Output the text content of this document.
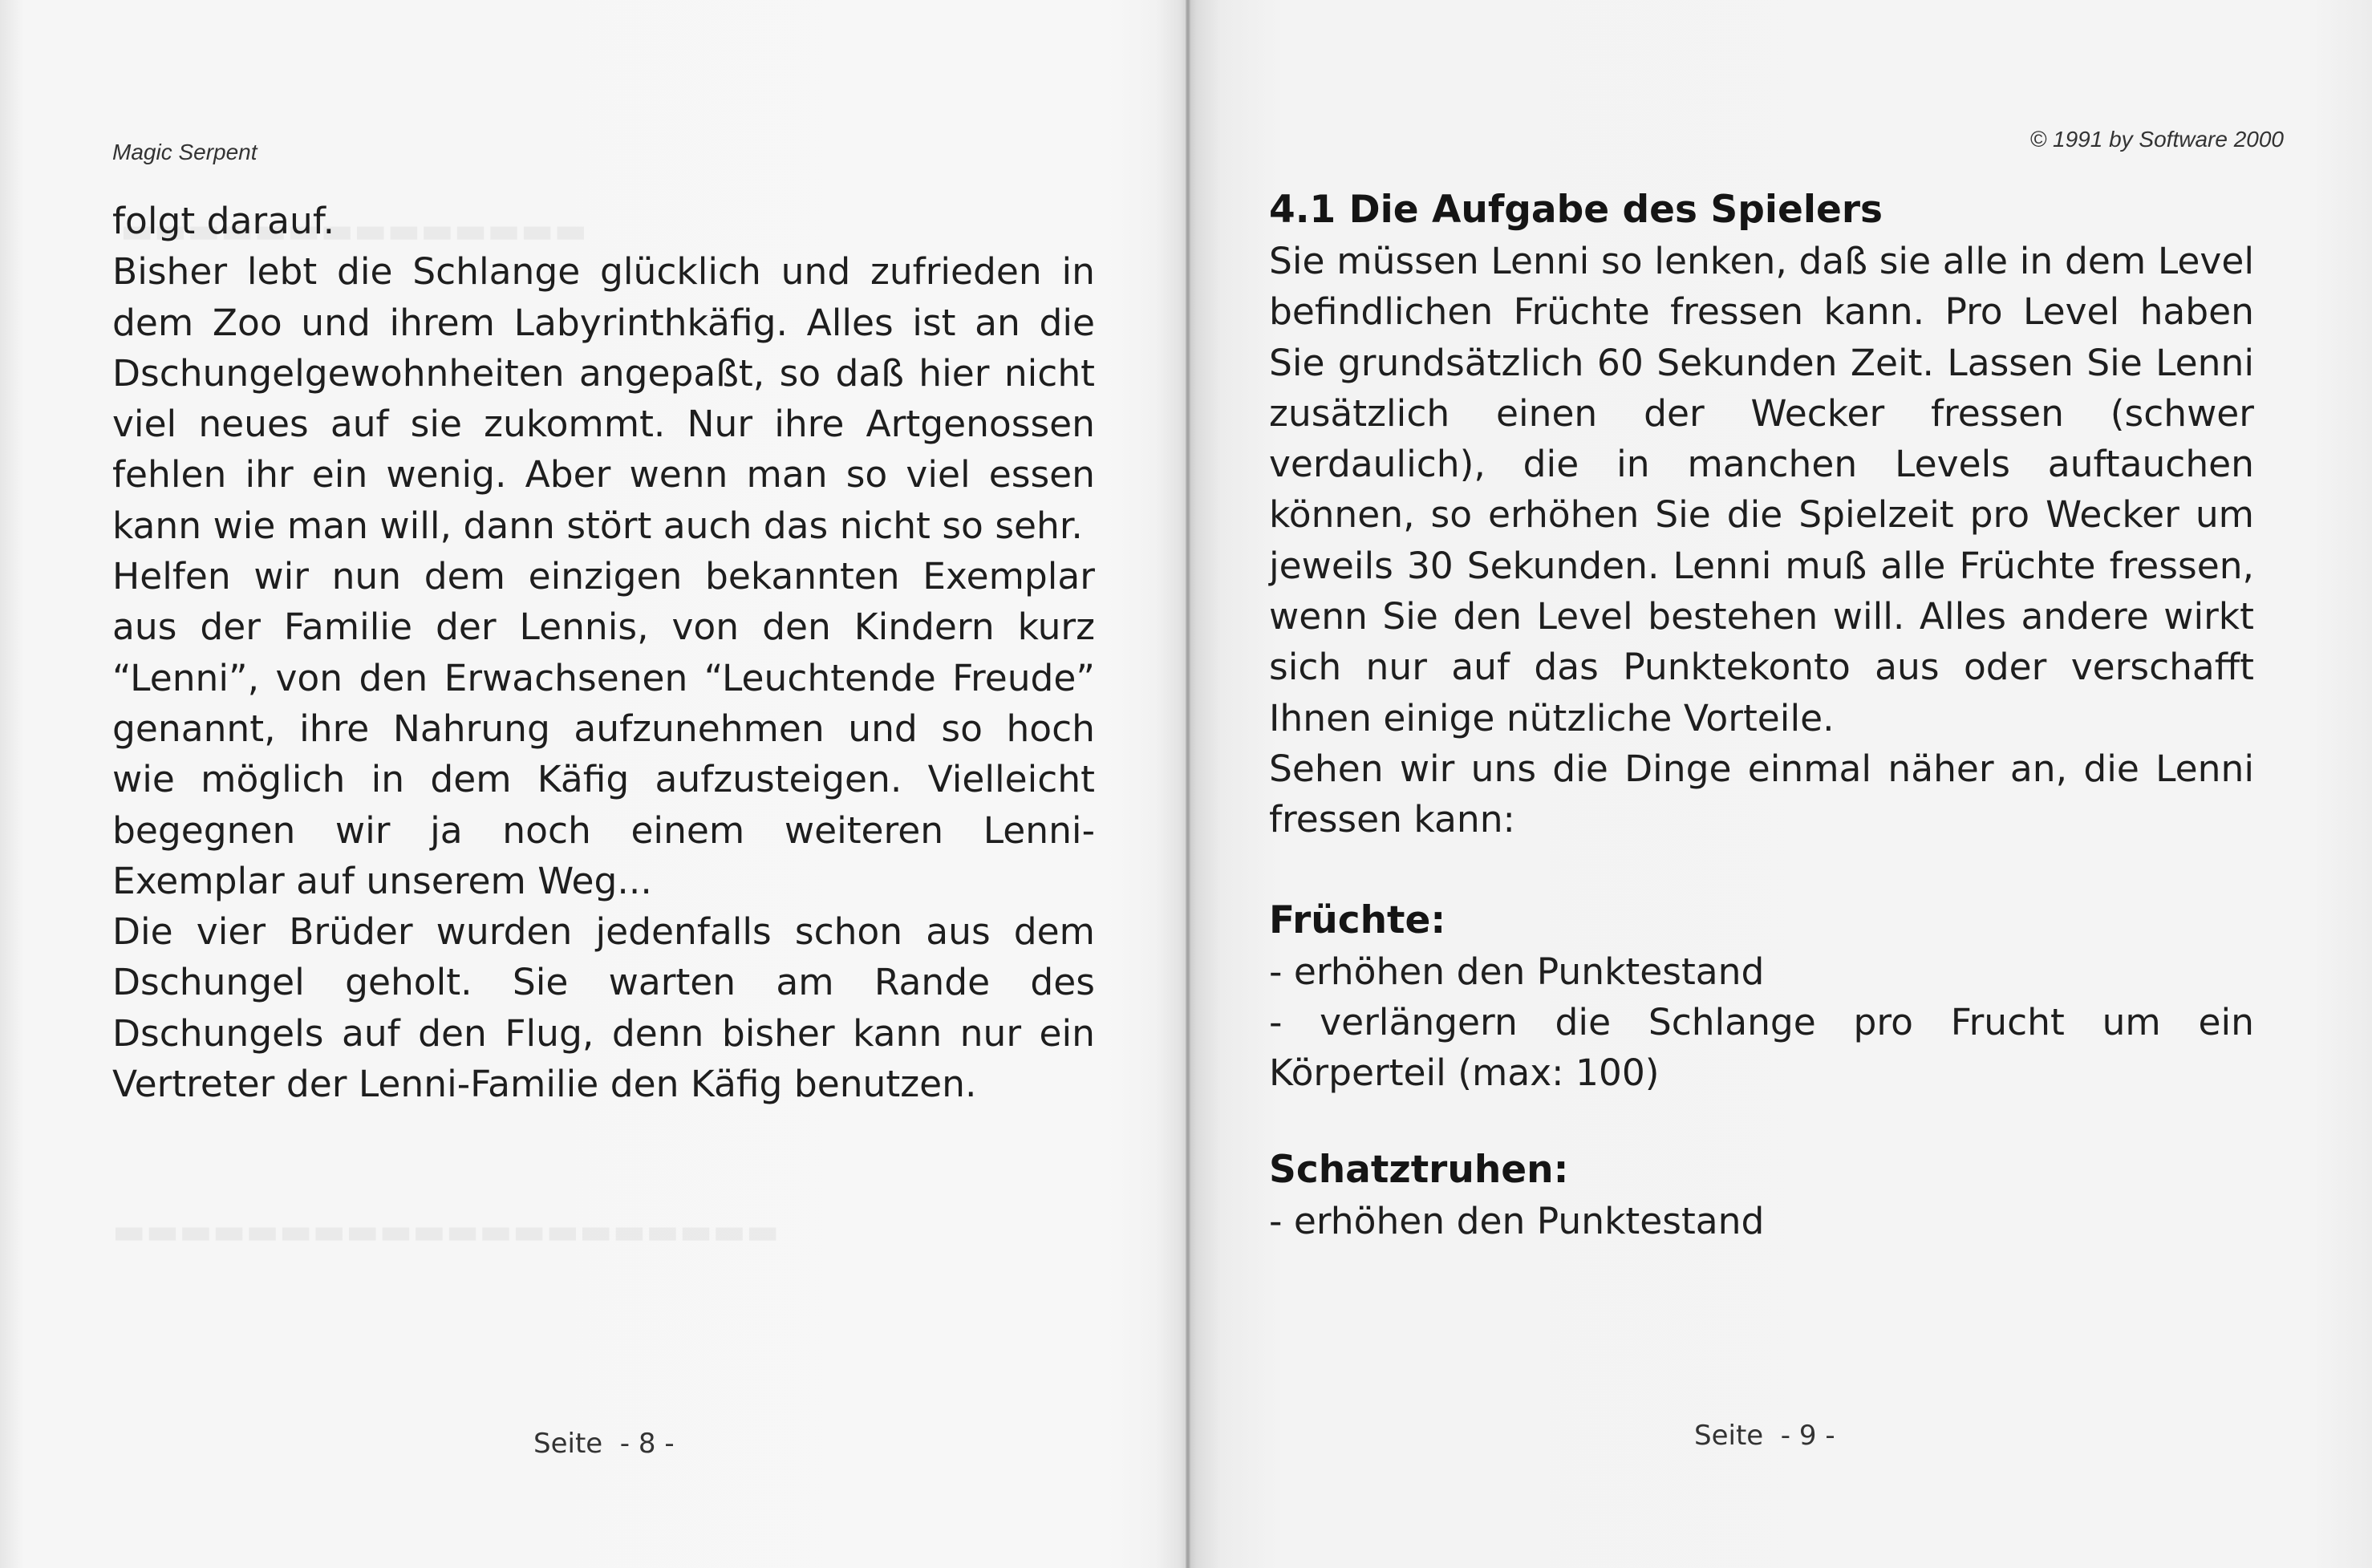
Magic Serpent
folgt darauf.
Bisher lebt die Schlange glücklich und zufrieden in dem Zoo und ihrem Labyrinthkäfig. Alles ist an die Dschungelgewohnheiten angepaßt, so daß hier nicht viel neues auf sie zukommt. Nur ihre Artgenossen fehlen ihr ein wenig. Aber wenn man so viel essen kann wie man will, dann stört auch das nicht so sehr.
Helfen wir nun dem einzigen bekannten Exemplar aus der Familie der Lennis, von den Kindern kurz “Lenni”, von den Erwachsenen “Leuchtende Freude” genannt, ihre Nahrung aufzunehmen und so hoch wie möglich in dem Käfig aufzusteigen. Vielleicht begegnen wir ja noch einem weiteren Lenni-Exemplar auf unserem Weg...
Die vier Brüder wurden jedenfalls schon aus dem Dschungel geholt. Sie warten am Rande des Dschungels auf den Flug, denn bisher kann nur ein Vertreter der Lenni-Familie den Käfig benutzen.
Seite  - 8 -
© 1991 by Software 2000
4.1 Die Aufgabe des Spielers
Sie müssen Lenni so lenken, daß sie alle in dem Level befindlichen Früchte fressen kann. Pro Level haben Sie grundsätzlich 60 Sekunden Zeit. Lassen Sie Lenni zusätzlich einen der Wecker fressen (schwer verdaulich), die in manchen Levels auftauchen können, so erhöhen Sie die Spielzeit pro Wecker um jeweils 30 Sekunden. Lenni muß alle Früchte fressen, wenn Sie den Level bestehen will. Alles andere wirkt sich nur auf das Punktekonto aus oder verschafft Ihnen einige nützliche Vorteile.
Sehen wir uns die Dinge einmal näher an, die Lenni fressen kann:
Früchte:
- erhöhen den Punktestand
- verlängern die Schlange pro Frucht um ein Körperteil (max: 100)
Schatztruhen:
- erhöhen den Punktestand
Seite  - 9 -
